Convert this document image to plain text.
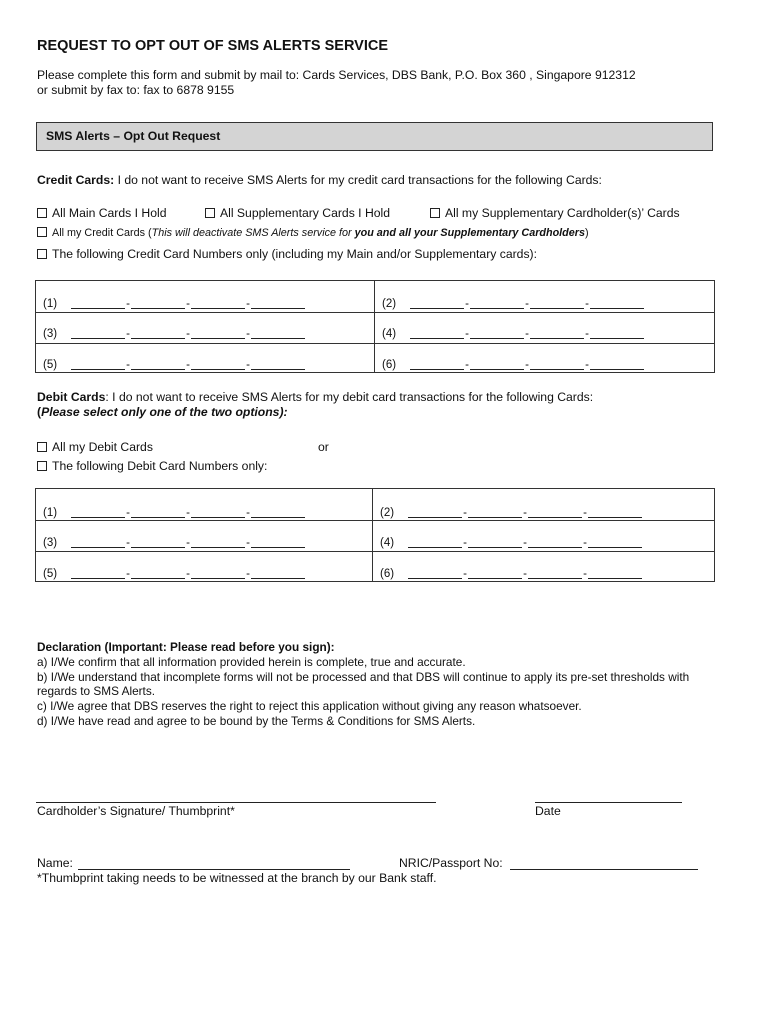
REQUEST TO OPT OUT OF SMS ALERTS SERVICE
Please complete this form and submit by mail to: Cards Services, DBS Bank, P.O. Box 360 , Singapore 912312
or submit by fax to: fax to 6878 9155
SMS Alerts – Opt Out Request
Credit Cards: I do not want to receive SMS Alerts for my credit card transactions for the following Cards:
All Main Cards I Hold	All Supplementary Cards I Hold	All my Supplementary Cardholder(s)’ Cards
All my Credit Cards (This will deactivate SMS Alerts service for you and all your Supplementary Cardholders)
The following Credit Card Numbers only (including my Main and/or Supplementary cards):
(1)	-	-	-	(2)	-	-	-
(3)	-	-	-	(4)	-	-	-
(5)	-	-	-	(6)	-	-	-
Debit Cards: I do not want to receive SMS Alerts for my debit card transactions for the following Cards:
(Please select only one of the two options):
All my Debit Cards	or
The following Debit Card Numbers only:
(1)	-	-	-	(2)	-	-	-
(3)	-	-	-	(4)	-	-	-
(5)	-	-	-	(6)	-	-	-
Declaration (Important: Please read before you sign):
a) I/We confirm that all information provided herein is complete, true and accurate.
b) I/We understand that incomplete forms will not be processed and that DBS will continue to apply its pre-set thresholds with
regards to SMS Alerts.
c) I/We agree that DBS reserves the right to reject this application without giving any reason whatsoever.
d) I/We have read and agree to be bound by the Terms & Conditions for SMS Alerts.
Cardholder’s Signature/ Thumbprint*	Date
Name:	NRIC/Passport No:
*Thumbprint taking needs to be witnessed at the branch by our Bank staff.
